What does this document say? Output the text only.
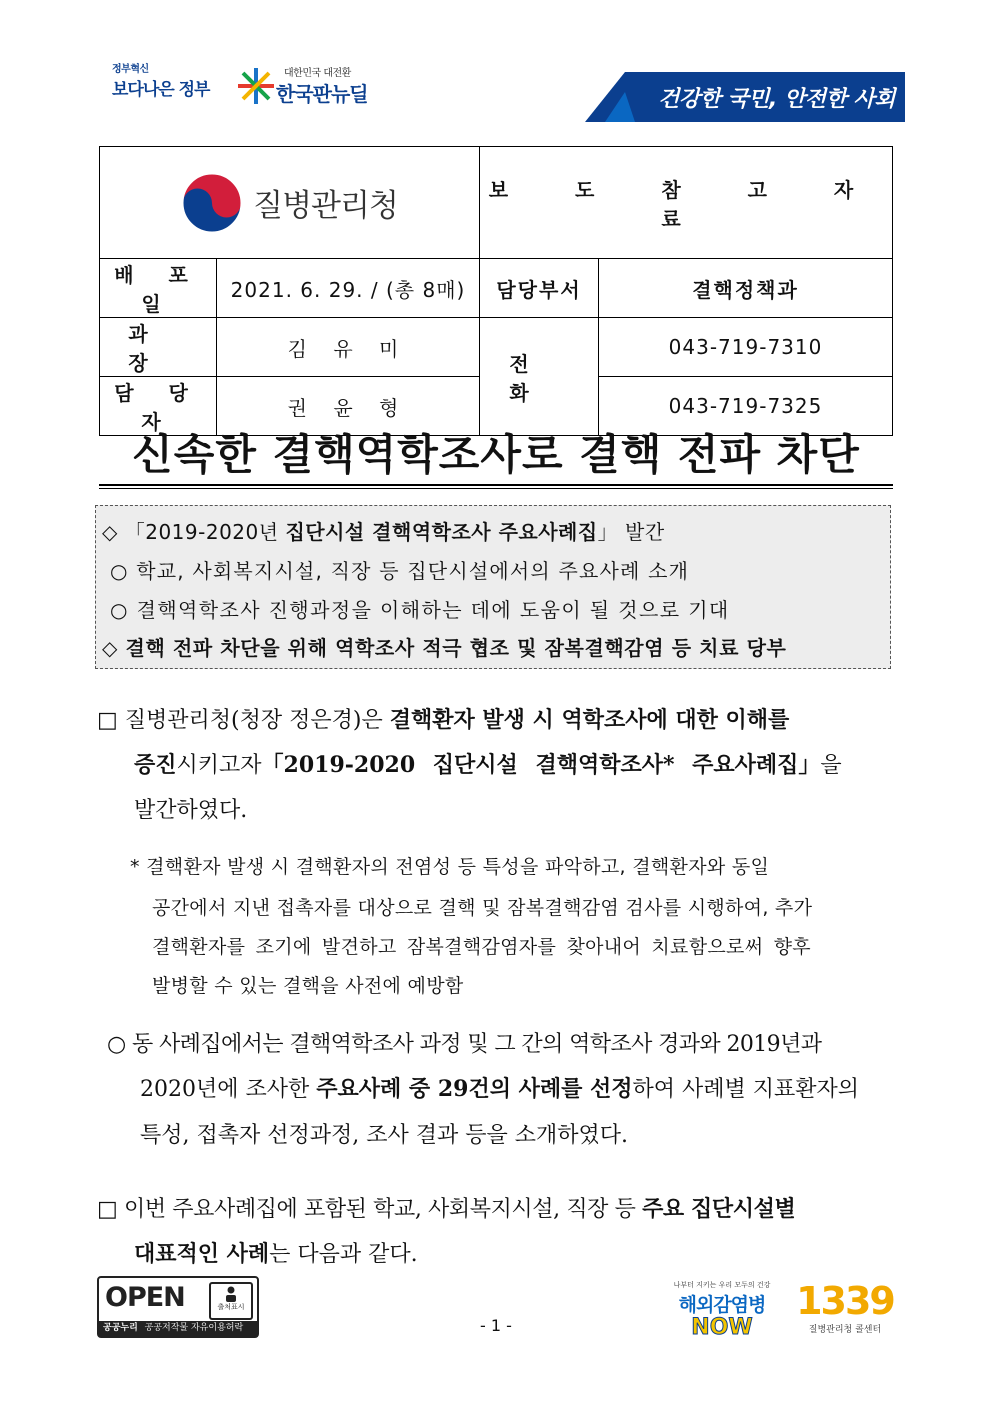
정부혁신
보다나은 정부
대한민국 대전환
한국판뉴딜	건강한 국민, 안전한 사회
질병관리청		보 도 참 고 자 료	
배 포 일	2021. 6. 29. / (총 8매)	담당부서	결핵정책과
과 장	김 유 미	전 화	043-719-7310
담 당 자	권 윤 형		043-719-7325
신속한 결핵역학조사로 결핵 전파 차단
◇ 「2019-2020년 집단시설 결핵역학조사 주요사례집」 발간
○ 학교, 사회복지시설, 직장 등 집단시설에서의 주요사례 소개
○ 결핵역학조사 진행과정을 이해하는 데에 도움이 될 것으로 기대
◇ 결핵 전파 차단을 위해 역학조사 적극 협조 및 잠복결핵감염 등 치료 당부
□ 질병관리청(청장 정은경)은 결핵환자 발생 시 역학조사에 대한 이해를
증진시키고자「2019-2020 집단시설 결핵역학조사* 주요사례집」을
발간하였다.
* 결핵환자 발생 시 결핵환자의 전염성 등 특성을 파악하고, 결핵환자와 동일
공간에서 지낸 접촉자를 대상으로 결핵 및 잠복결핵감염 검사를 시행하여, 추가
결핵환자를 조기에 발견하고 잠복결핵감염자를 찾아내어 치료함으로써 향후
발병할 수 있는 결핵을 사전에 예방함
○ 동 사례집에서는 결핵역학조사 과정 및 그 간의 역학조사 경과와 2019년과
2020년에 조사한 주요사례 중 29건의 사례를 선정하여 사례별 지표환자의
특성, 접촉자 선정과정, 조사 결과 등을 소개하였다.
□ 이번 주요사례집에 포함된 학교, 사회복지시설, 직장 등 주요 집단시설별
대표적인 사례는 다음과 같다.
OPEN	출처표시
공공누리 공공저작물 자유이용허락	- 1 -
나부터 지키는 우리 모두의 건강
해외감염병
NOW
1339
질병관리청 콜센터
